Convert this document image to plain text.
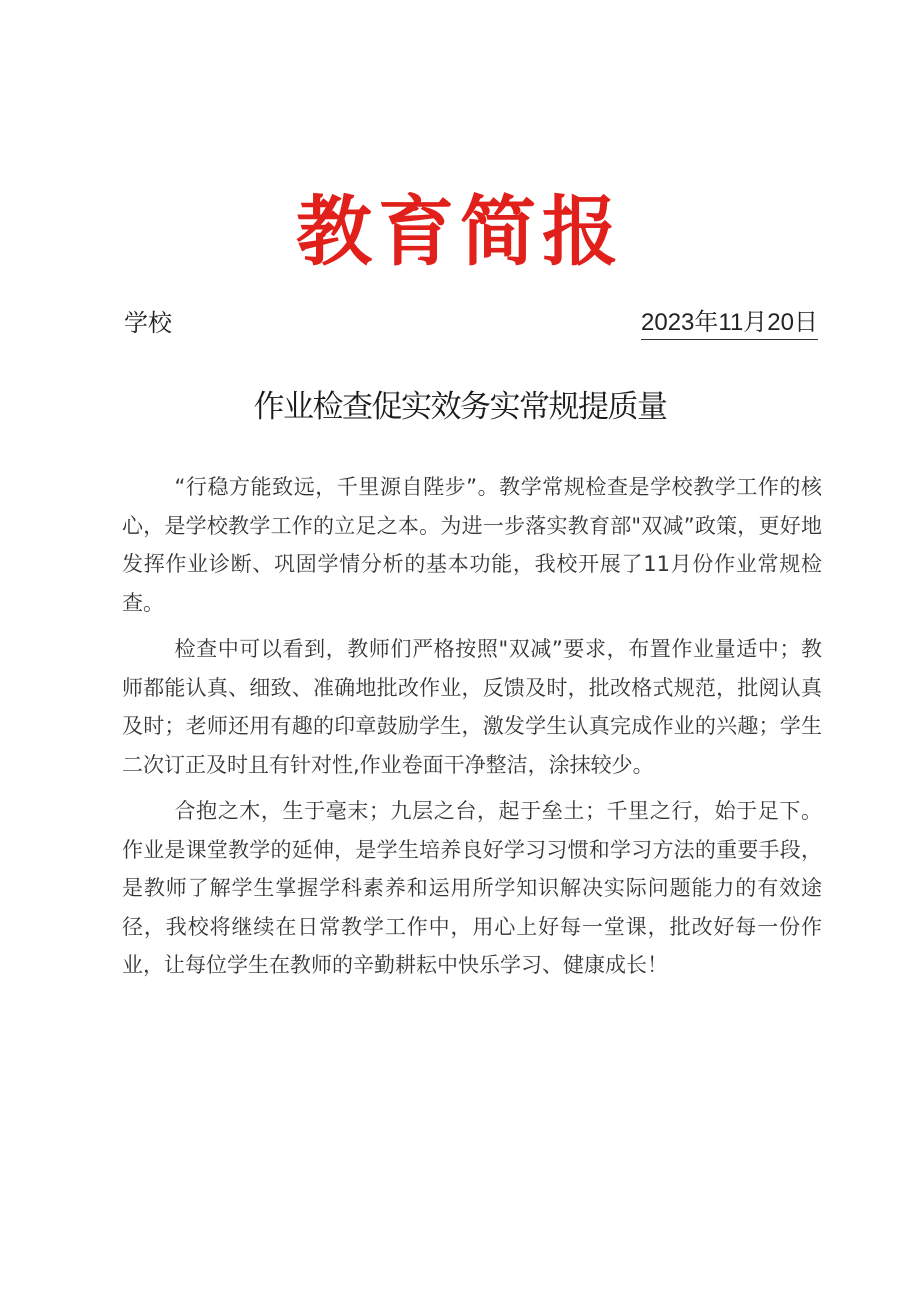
教育简报
学校	2023年11月20日
作业检查促实效务实常规提质量

“行稳方能致远，千里源自陛步”。教学常规检查是学校教学工作的核心，是学校教学工作的立足之本。为进一步落实教育部"双减”政策，更好地发挥作业诊断、巩固学情分析的基本功能，我校开展了11月份作业常规检查。

检查中可以看到，教师们严格按照"双减”要求，布置作业量适中；教师都能认真、细致、准确地批改作业，反馈及时，批改格式规范，批阅认真及时；老师还用有趣的印章鼓励学生，激发学生认真完成作业的兴趣；学生二次订正及时且有针对性,作业卷面干净整洁，涂抹较少。

合抱之木，生于毫末；九层之台，起于垒土；千里之行，始于足下。作业是课堂教学的延伸，是学生培养良好学习习惯和学习方法的重要手段，是教师了解学生掌握学科素养和运用所学知识解决实际问题能力的有效途径，我校将继续在日常教学工作中，用心上好每一堂课，批改好每一份作业，让每位学生在教师的辛勤耕耘中快乐学习、健康成长！
